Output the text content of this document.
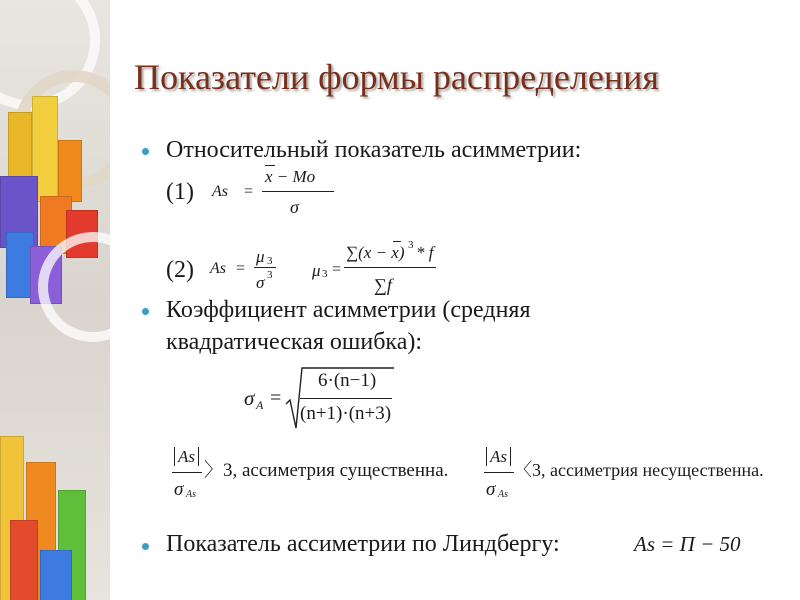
Показатели формы распределения
Относительный показатель асимметрии:
(1) As =
x − Mo
σ
(2) As =
μ 3
σ 3 μ 3 =
∑(x − x) 3 * f
∑f
Коэффициент асимметрии (средняя
квадратическая ошибка):
σ A =
6·(n−1)
(n+1)·(n+3)
As
σ As
〉3, ассиметрия существенна.
As
σ As
〈3, ассиметрия несущественна.
Показатель ассиметрии по Линдбергу:	As = П − 50
